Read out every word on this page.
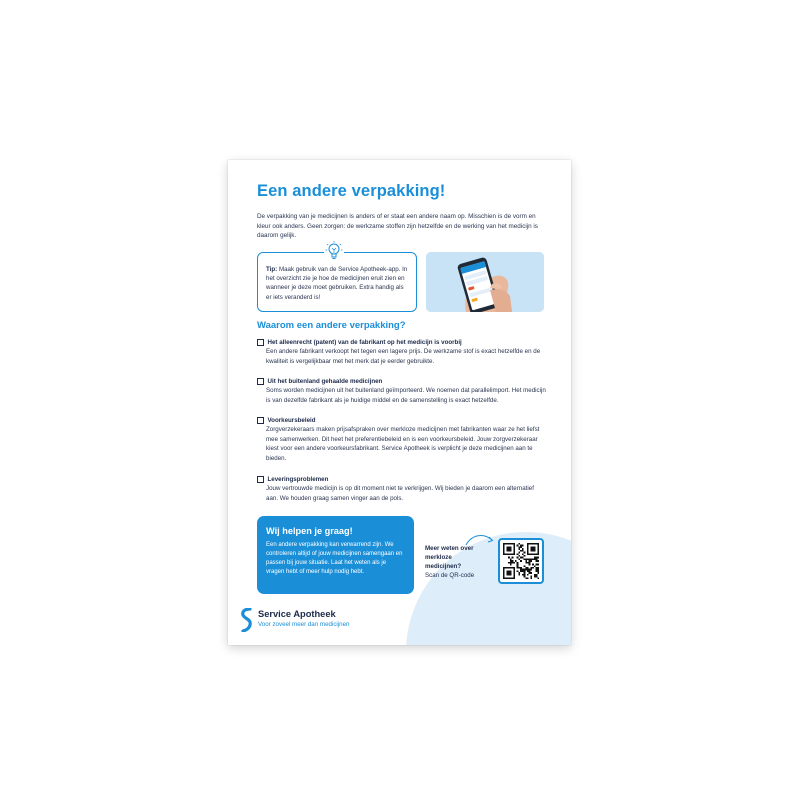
Een andere verpakking!
De verpakking van je medicijnen is anders of er staat een andere naam op. Misschien is de vorm en kleur ook anders. Geen zorgen: de werkzame stoffen zijn hetzelfde en de werking van het medicijn is daarom gelijk.
Tip: Maak gebruik van de Service Apotheek-app. In het overzicht zie je hoe de medicijnen eruit zien en wanneer je deze moet gebruiken. Extra handig als er iets veranderd is!
Waarom een andere verpakking?
Het alleenrecht (patent) van de fabrikant op het medicijn is voorbij
Een andere fabrikant verkoopt het tegen een lagere prijs. De werkzame stof is exact hetzelfde en de kwaliteit is vergelijkbaar met het merk dat je eerder gebruikte.
Uit het buitenland gehaalde medicijnen
Soms worden medicijnen uit het buitenland geïmporteerd. We noemen dat parallelimport. Het medicijn is van dezelfde fabrikant als je huidige middel en de samenstelling is exact hetzelfde.
Voorkeursbeleid
Zorgverzekeraars maken prijsafspraken over merkloze medicijnen met fabrikanten waar ze het liefst mee samenwerken. Dit heet het preferentiebeleid en is een voorkeursbeleid. Jouw zorgverzekeraar kiest voor een andere voorkeursfabrikant. Service Apotheek is verplicht je deze medicijnen aan te bieden.
Leveringsproblemen
Jouw vertrouwde medicijn is op dit moment niet te verkrijgen. Wij bieden je daarom een alternatief aan. We houden graag samen vinger aan de pols.
Wij helpen je graag!
Een andere verpakking kan verwarrend zijn. We controleren altijd of jouw medicijnen samengaan en passen bij jouw situatie. Laat het weten als je vragen hebt of meer hulp nodig hebt.
Meer weten over merkloze medicijnen?
Scan de QR-code
Service Apotheek
Voor zoveel meer dan medicijnen
